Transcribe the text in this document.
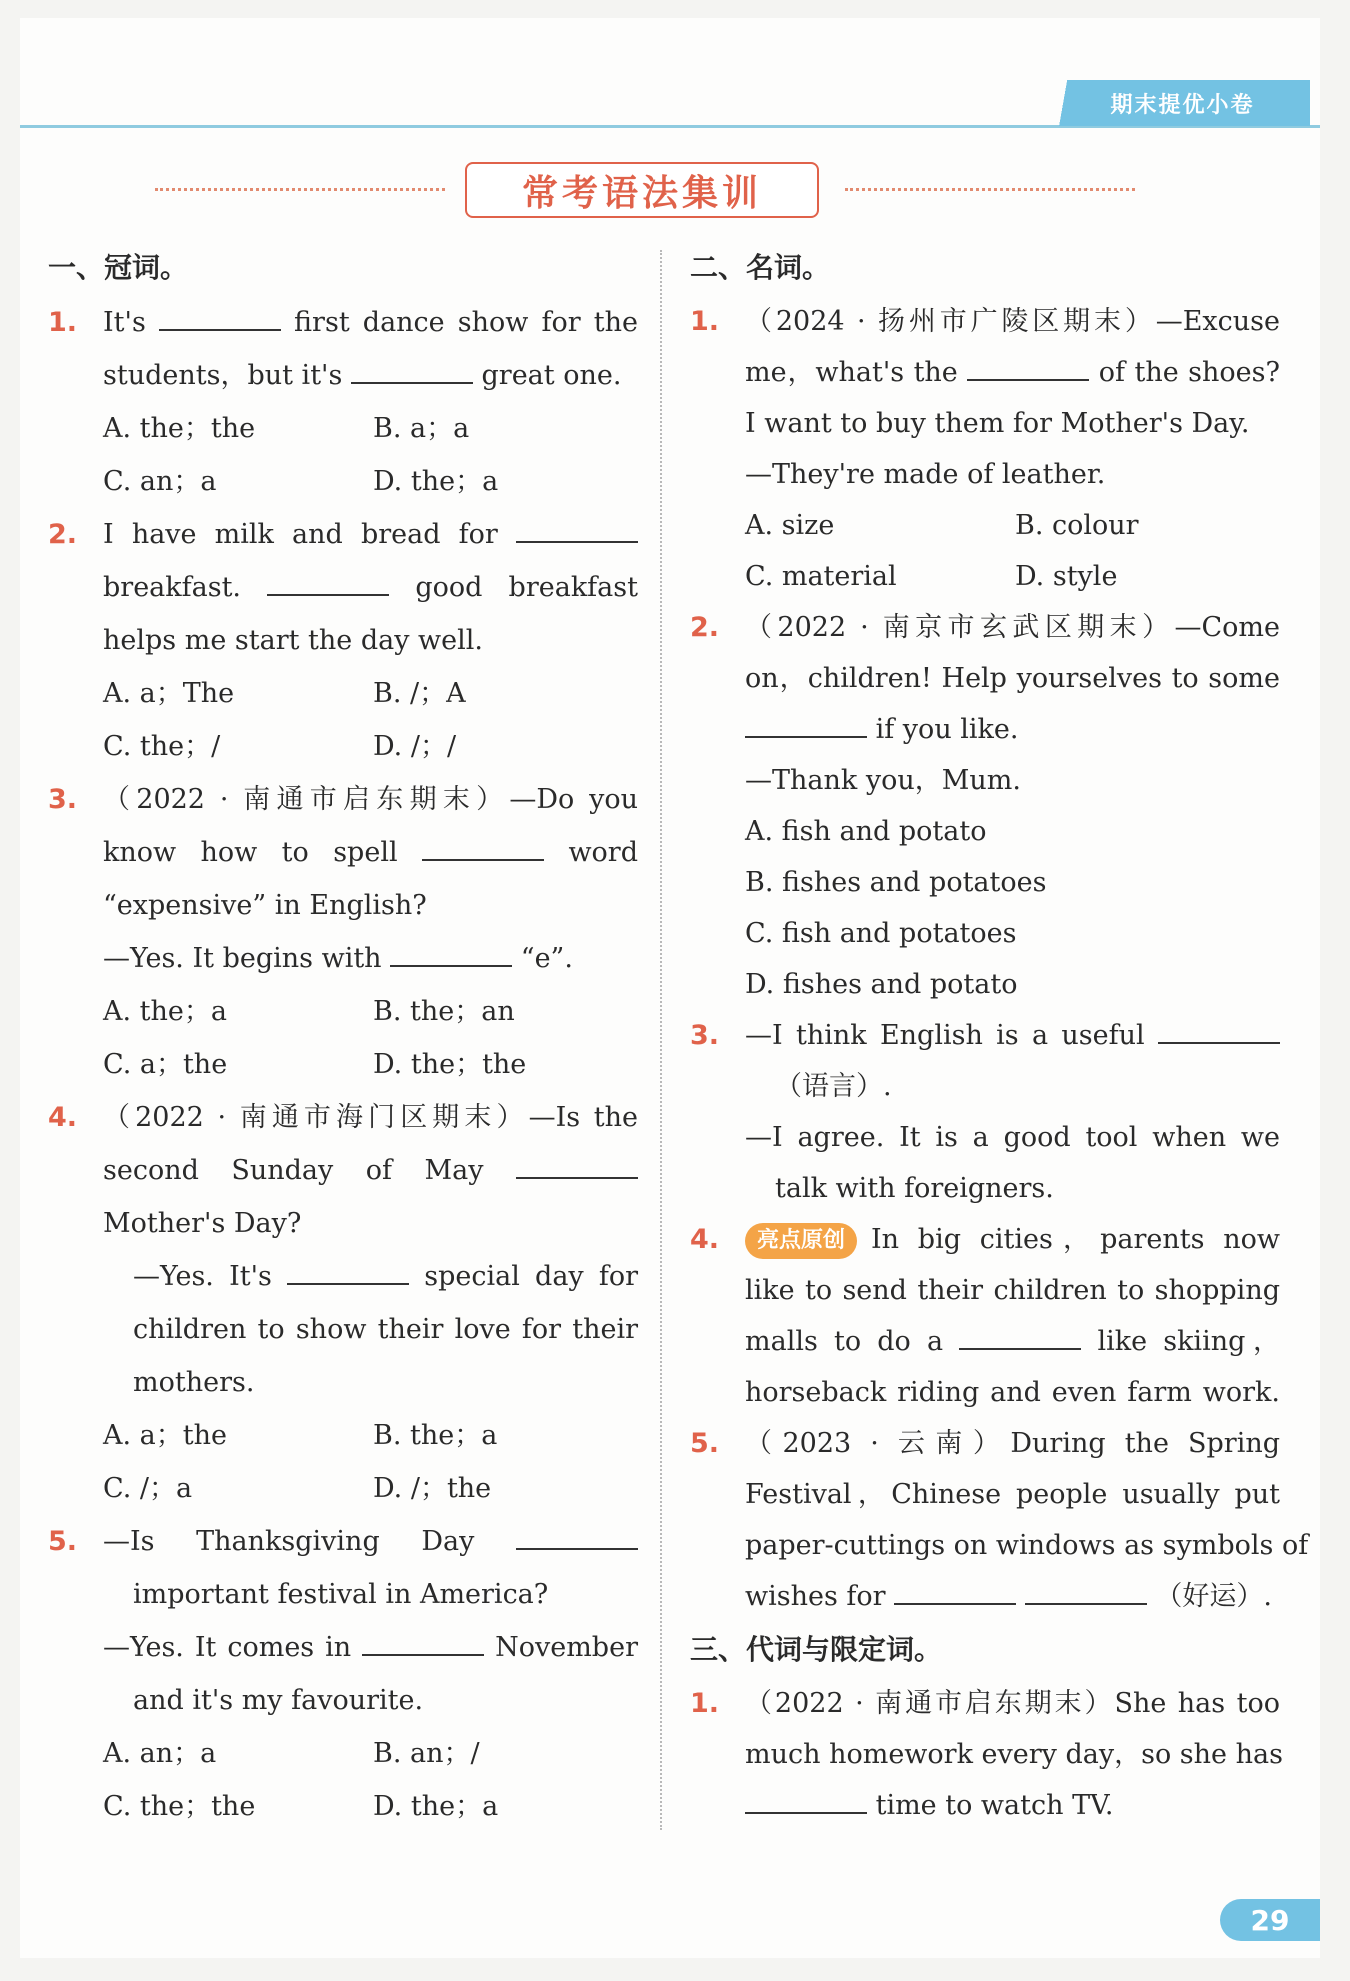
期末提优小卷
常考语法集训
一、冠词。
1. It's	first dance show for the
students，but it's	great one.
A. the；the	B. a；a
C. an；a	D. the；a
2. I have milk and bread for
breakfast.	good breakfast
helps me start the day well.
A. a；The	B. /；A
C. the；/	D. /；/
3. （2022 · 南通市启东期末）—Do you
know how to spell	word
“expensive” in English?
—Yes. It begins with	“e”.
A. the；a	B. the；an
C. a；the	D. the；the
4. （2022 · 南通市海门区期末）—Is the
second Sunday of May
Mother's Day?
—Yes. It's	special day for
children to show their love for their
mothers.
A. a；the	B. the；a
C. /；a	D. /；the
5. —Is Thanksgiving Day
important festival in America?
—Yes. It comes in	November
and it's my favourite.
A. an；a	B. an；/
C. the；the	D. the；a
二、名词。
1. （2024 · 扬州市广陵区期末）—Excuse
me，what's the	of the shoes?
I want to buy them for Mother's Day.
—They're made of leather.
A. size	B. colour
C. material	D. style
2. （2022 · 南京市玄武区期末）—Come
on，children! Help yourselves to some
if you like.
—Thank you，Mum.
A. fish and potato
B. fishes and potatoes
C. fish and potatoes
D. fishes and potato
3. —I think English is a useful
（语言）.
—I agree. It is a good tool when we
talk with foreigners.
4.	亮点原创 In big cities，parents now
like to send their children to shopping
malls to do a	like skiing，
horseback riding and even farm work.
5. （2023 · 云南）During the Spring
Festival，Chinese people usually put
paper-cuttings on windows as symbols of
wishes for	（好运）.
三、代词与限定词。
1. （2022 · 南通市启东期末）She has too
much homework every day，so she has
time to watch TV.
29
